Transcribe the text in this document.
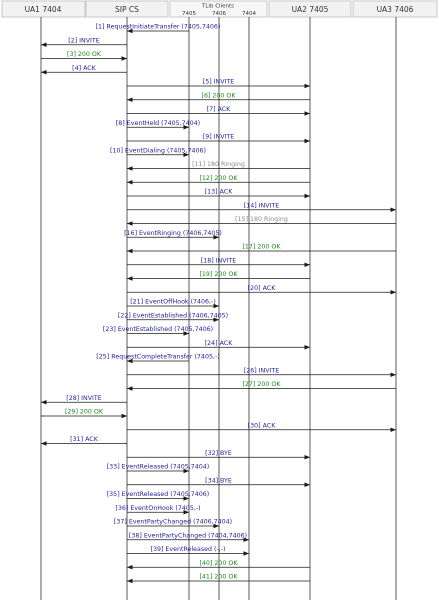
UA1 7404	SIP CS	TLib Clients
7405	7406	7404	UA2 7405	UA3 7406
[1] RequestInitiateTransfer (7405,7406)
[2] INVITE
[3] 200 OK
[4] ACK
[5] INVITE
[6] 200 OK
[7] ACK
[8] EventHeld (7405,7404)
[9] INVITE
[10] EventDialing (7405,7406)
[11] 180 Ringing
[12] 200 OK
[13] ACK
[14] INVITE
[15] 180 Ringing
[16] EventRinging (7406,7405)
[17] 200 OK
[18] INVITE
[19] 200 OK
[20] ACK
[21] EventOffHook (7406,-)
[22] EventEstablished (7406,7405)
[23] EventEstablished (7405,7406)
[24] ACK
[25] RequestCompleteTransfer (7405,-)
[26] INVITE
[27] 200 OK
[28] INVITE
[29] 200 OK
[30] ACK
[31] ACK
[32] BYE
[33] EventReleased (7405,7404)
[34] BYE
[35] EventReleased (7405,7406)
[36] EventOnHook (7405,-)
[37] EventPartyChanged (7406,7404)
[38] EventPartyChanged (7404,7406)
[39] EventReleased (-,-)
[40] 200 OK
[41] 200 OK
